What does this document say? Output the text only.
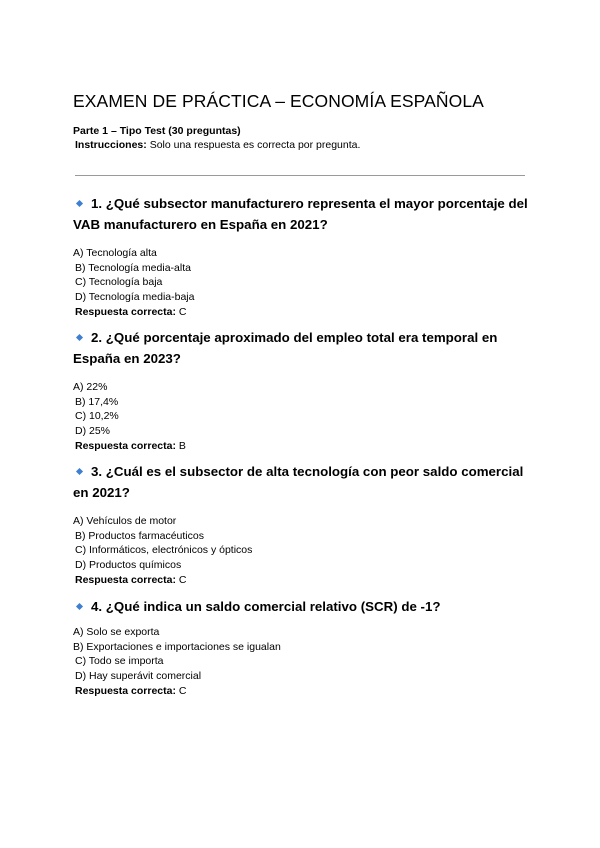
EXAMEN DE PRÁCTICA – ECONOMÍA ESPAÑOLA
Parte 1 – Tipo Test (30 preguntas)
Instrucciones: Solo una respuesta es correcta por pregunta.

1. ¿Qué subsector manufacturero representa el mayor porcentaje del VAB manufacturero en España en 2021?

A) Tecnología alta
B) Tecnología media-alta
C) Tecnología baja
D) Tecnología media-baja
Respuesta correcta: C

2. ¿Qué porcentaje aproximado del empleo total era temporal en España en 2023?

A) 22%
B) 17,4%
C) 10,2%
D) 25%
Respuesta correcta: B

3. ¿Cuál es el subsector de alta tecnología con peor saldo comercial en 2021?

A) Vehículos de motor
B) Productos farmacéuticos
C) Informáticos, electrónicos y ópticos
D) Productos químicos
Respuesta correcta: C

4. ¿Qué indica un saldo comercial relativo (SCR) de -1?

A) Solo se exporta
B) Exportaciones e importaciones se igualan
C) Todo se importa
D) Hay superávit comercial
Respuesta correcta: C
